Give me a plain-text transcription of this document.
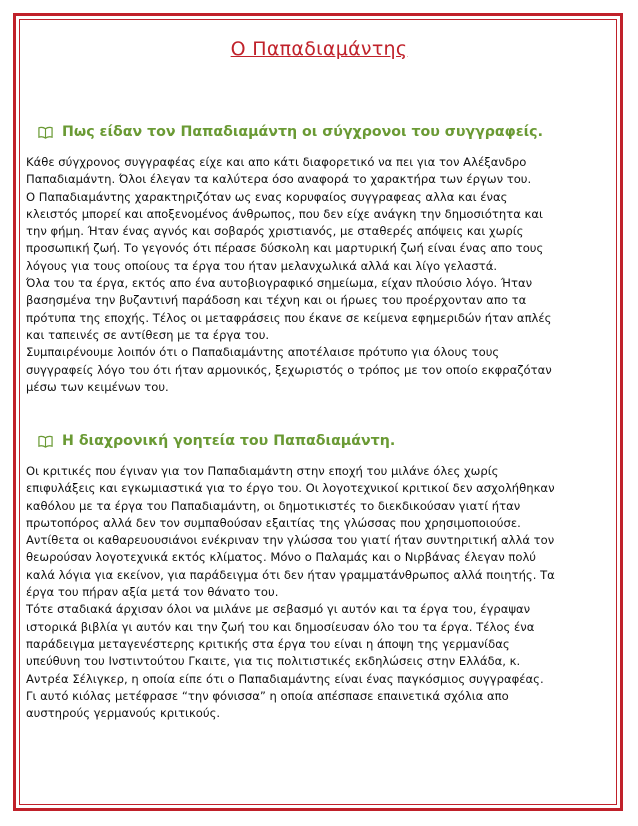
Ο Παπαδιαμάντης
Πως είδαν τον Παπαδιαμάντη οι σύγχρονοι του συγγραφείς.

Κάθε σύγχρονος συγγραφέας είχε και απο κάτι διαφορετικό να πει για τον Αλέξανδρο

Παπαδιαμάντη. Όλοι έλεγαν τα καλύτερα όσο αναφορά το χαρακτήρα των έργων του.

Ο Παπαδιαμάντης χαρακτηριζόταν ως ενας κορυφαίος συγγραφεας αλλα και ένας

κλειστός μπορεί και αποξενομένος άνθρωπος, που δεν είχε ανάγκη την δημοσιότητα και

την φήμη. Ήταν ένας αγνός και σοβαρός χριστιανός, με σταθερές απόψεις και χωρίς

προσωπική ζωή. Το γεγονός ότι πέρασε δύσκολη και μαρτυρική ζωή είναι ένας απο τους

λόγους για τους οποίους τα έργα του ήταν μελανχωλικά αλλά και λίγο γελαστά.

Όλα του τα έργα, εκτός απο ένα αυτοβιογραφικό σημείωμα, είχαν πλούσιο λόγο. Ήταν

βασησμένα την βυζαντινή παράδοση και τέχνη και οι ήρωες του προέρχονταν απο τα

πρότυπα της εποχής. Τέλος οι μεταφράσεις που έκανε σε κείμενα εφημεριδών ήταν απλές

και ταπεινές σε αντίθεση με τα έργα του.

Συμπαιρένουμε λοιπόν ότι ο Παπαδιαμάντης αποτέλαισε πρότυπο για όλους τους

συγγραφείς λόγο του ότι ήταν αρμονικός, ξεχωριστός ο τρόπος με τον οποίο εκφραζόταν

μέσω των κειμένων του.

Η διαχρονική γοητεία του Παπαδιαμάντη.

Οι κριτικές που έγιναν για τον Παπαδιαμάντη στην εποχή του μιλάνε όλες χωρίς

επιφυλάξεις και εγκωμιαστικά για το έργο του. Οι λογοτεχνικοί κριτικοί δεν ασχολήθηκαν

καθόλου με τα έργα του Παπαδιαμάντη, οι δημοτικιστές το διεκδικούσαν γιατί ήταν

πρωτοπόρος αλλά δεν τον συμπαθούσαν εξαιτίας της γλώσσας που χρησιμοποιούσε.

Αντίθετα οι καθαρευουσιάνοι ενέκριναν την γλώσσα του γιατί ήταν συντηριτική αλλά τον

θεωρούσαν λογοτεχνικά εκτός κλίματος. Μόνο ο Παλαμάς και ο Νιρβάνας έλεγαν πολύ

καλά λόγια για εκείνον, για παράδειγμα ότι δεν ήταν γραμματάνθρωπος αλλά ποιητής. Τα

έργα του πήραν αξία μετά τον θάνατο του.

Τότε σταδιακά άρχισαν όλοι να μιλάνε με σεβασμό γι αυτόν και τα έργα του, έγραψαν

ιστορικά βιβλία γι αυτόν και την ζωή του και δημοσίευσαν όλο του τα έργα. Τέλος ένα

παράδειγμα μεταγενέστερης κριτικής στα έργα του είναι η άποψη της γερμανίδας

υπεύθυνη του Ινστιντούτου Γκαιτε, για τις πολιτιστικές εκδηλώσεις στην Ελλάδα, κ.

Αντρέα Σέλιγκερ, η οποία είπε ότι ο Παπαδιαμάντης είναι ένας παγκόσμιος συγγραφέας.

Γι αυτό κιόλας μετέφρασε “την φόνισσα” η οποία απέσπασε επαινετικά σχόλια απο

αυστηρούς γερμανούς κριτικούς.
